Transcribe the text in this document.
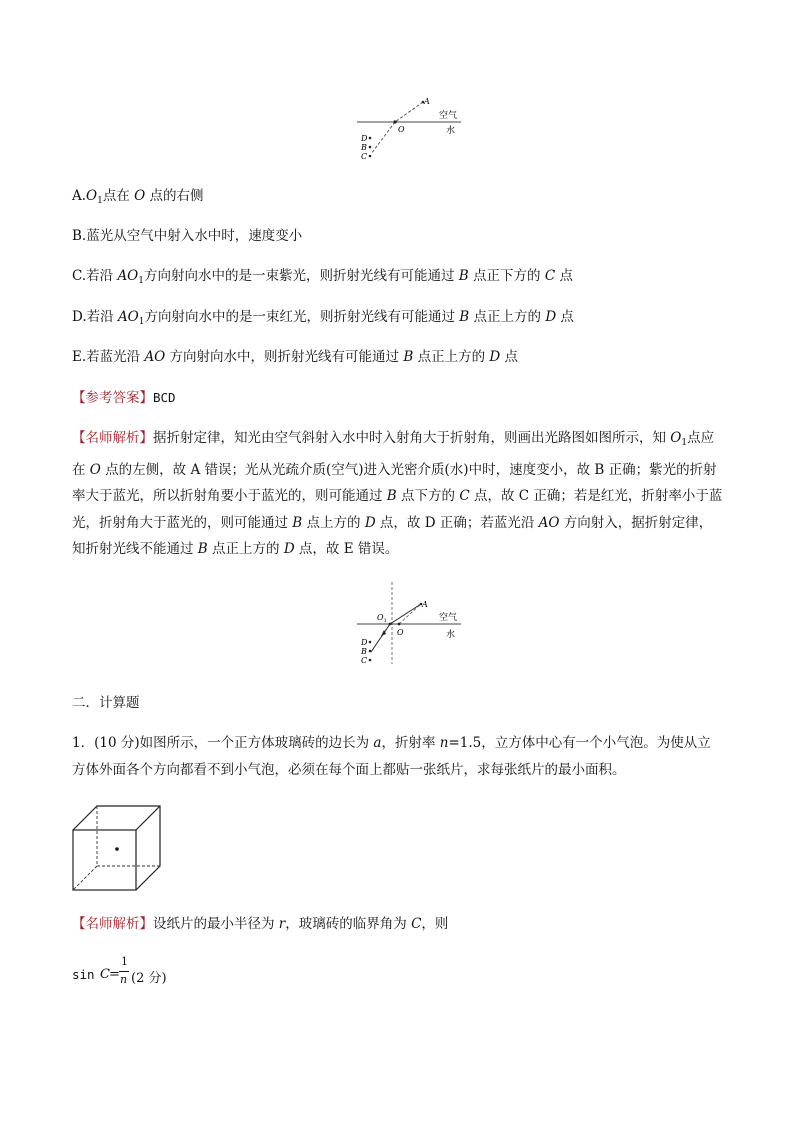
A
O
D
B
C
空气
水
$A.O_1$点在 O 点的右侧
B.蓝光从空气中射入水中时，速度变小
C.若沿 $AO_1$方向射向水中的是一束紫光，则折射光线有可能通过 B 点正下方的 C 点
D.若沿 $AO_1$方向射向水中的是一束红光，则折射光线有可能通过 B 点正上方的 D 点
E.若蓝光沿 AO 方向射向水中，则折射光线有可能通过 B 点正上方的 D 点
【参考答案】BCD
【名师解析】据折射定律，知光由空气斜射入水中时入射角大于折射角，则画出光路图如图所示，知 $O_1$点应在 O 点的左侧，故 A 错误；光从光疏介质(空气)进入光密介质(水)中时，速度变小，故 B 正确；紫光的折射率大于蓝光，所以折射角要小于蓝光的，则可能通过 B 点下方的 C 点，故 C 正确；若是红光，折射率小于蓝光，折射角大于蓝光的，则可能通过 B 点上方的 D 点，故 D 正确；若蓝光沿 AO 方向射入，据折射定律，知折射光线不能通过 B 点正上方的 D 点，故 E 错误。
A
$O_1$
O
D
B
C
空气
水
二．计算题
1．(10 分)如图所示，一个正方体玻璃砖的边长为 a，折射率 n=1.5，立方体中心有一个小气泡。为使从立方体外面各个方向都看不到小气泡，必须在每个面上都贴一张纸片，求每张纸片的最小面积。
【名师解析】设纸片的最小半径为 r，玻璃砖的临界角为 C，则
sin C =
1
n (2 分)
